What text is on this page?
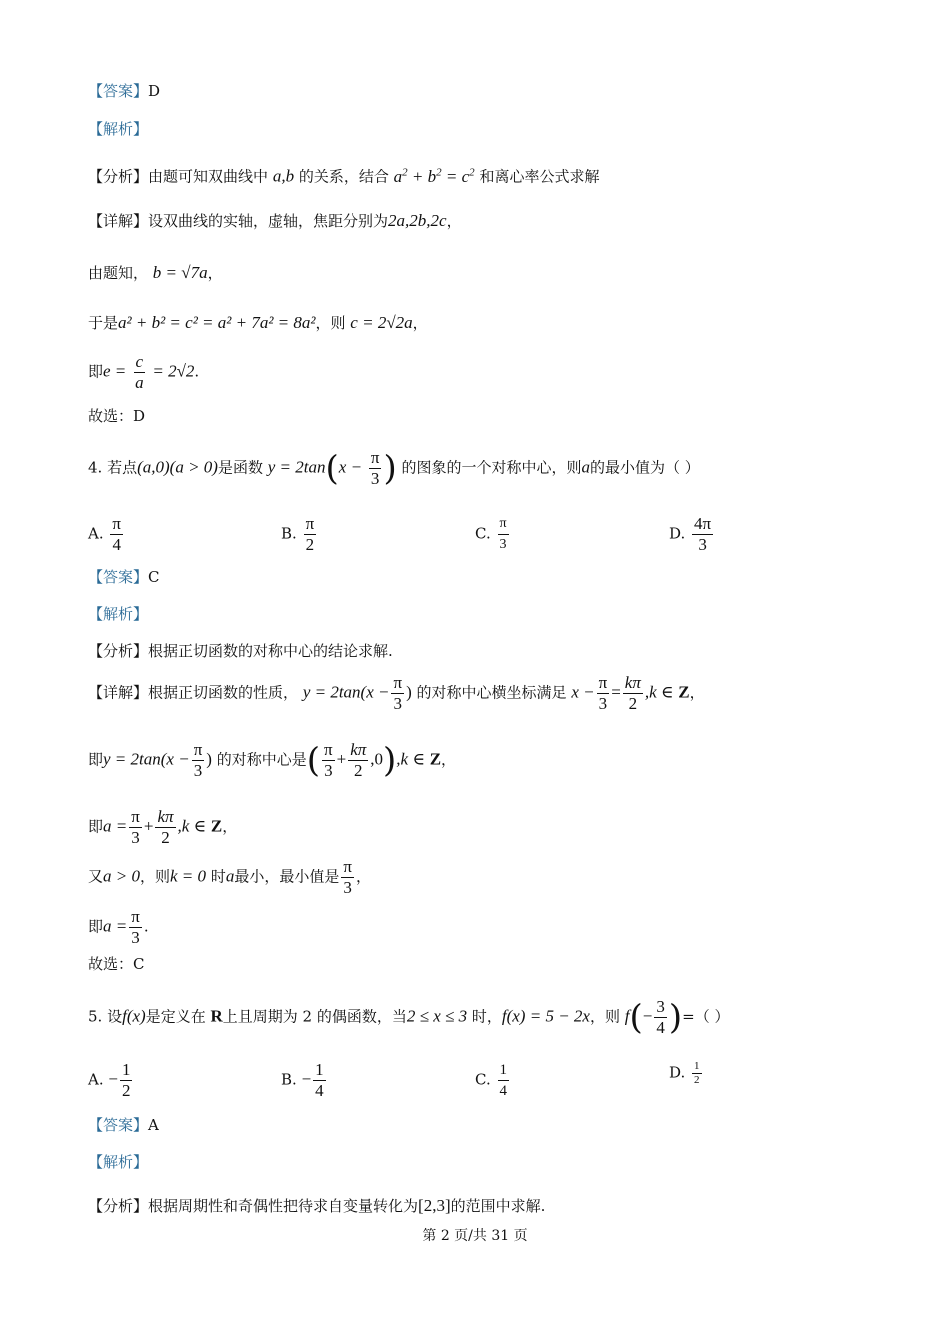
【答案】D
【解析】
【分析】由题可知双曲线中 a,b 的关系，结合 $a^2 + b^2 = c^2$ 和离心率公式求解
【详解】设双曲线的实轴，虚轴，焦距分别为2a,2b,2c，
由题知， b = √7a，
于是a² + b² = c² = a² + 7a² = 8a²，则 c = 2√2a，
即$e = \frac{c}{a} = 2√2$.
故选：D
4. 若点(a,0)(a > 0)是函数 $y = 2\tan(x - \frac{\pi}{3}$ ) 的图象的一个对称中心，则a的最小值为（ ）
A. $\frac{\pi}{4}$	B. $\frac{\pi}{2}$	C. $\frac{\pi}{3}$	D. $\frac{4\pi}{3}$
【答案】C
【解析】
【分析】根据正切函数的对称中心的结论求解.
【详解】根据正切函数的性质， $y = 2\tan(x - \frac{\pi}{3}$ ) 的对称中心横坐标满足 $x - \frac{\pi}{3} = \frac{k\pi}{2} ,k$ ∈ Z，
即$y = 2\tan(x - \frac{\pi}{3}$ ) 的对称中心是( $\frac{\pi}{3} + \frac{k\pi}{2} ,0),k$ ∈ Z，
即$a = \frac{\pi}{3} + \frac{k\pi}{2} ,k$ ∈ Z，
又a > 0，则k = 0 时a最小，最小值是 $\frac{\pi}{3}$ ，
即$a = \frac{\pi}{3}$ .
故选：C
5. 设f(x)是定义在 R上且周期为 2 的偶函数，当2 ≤ x ≤ 3 时，f(x) = 5 − 2x，则 $f(- \frac{3}{4}$ )=（ ）
A. − $\frac{1}{2}$	B. − $\frac{1}{4}$	C. $\frac{1}{4}$	D. $\frac{1}{2}$
【答案】A
【解析】
【分析】根据周期性和奇偶性把待求自变量转化为[2,3]的范围中求解.
第 2 页/共 31 页
